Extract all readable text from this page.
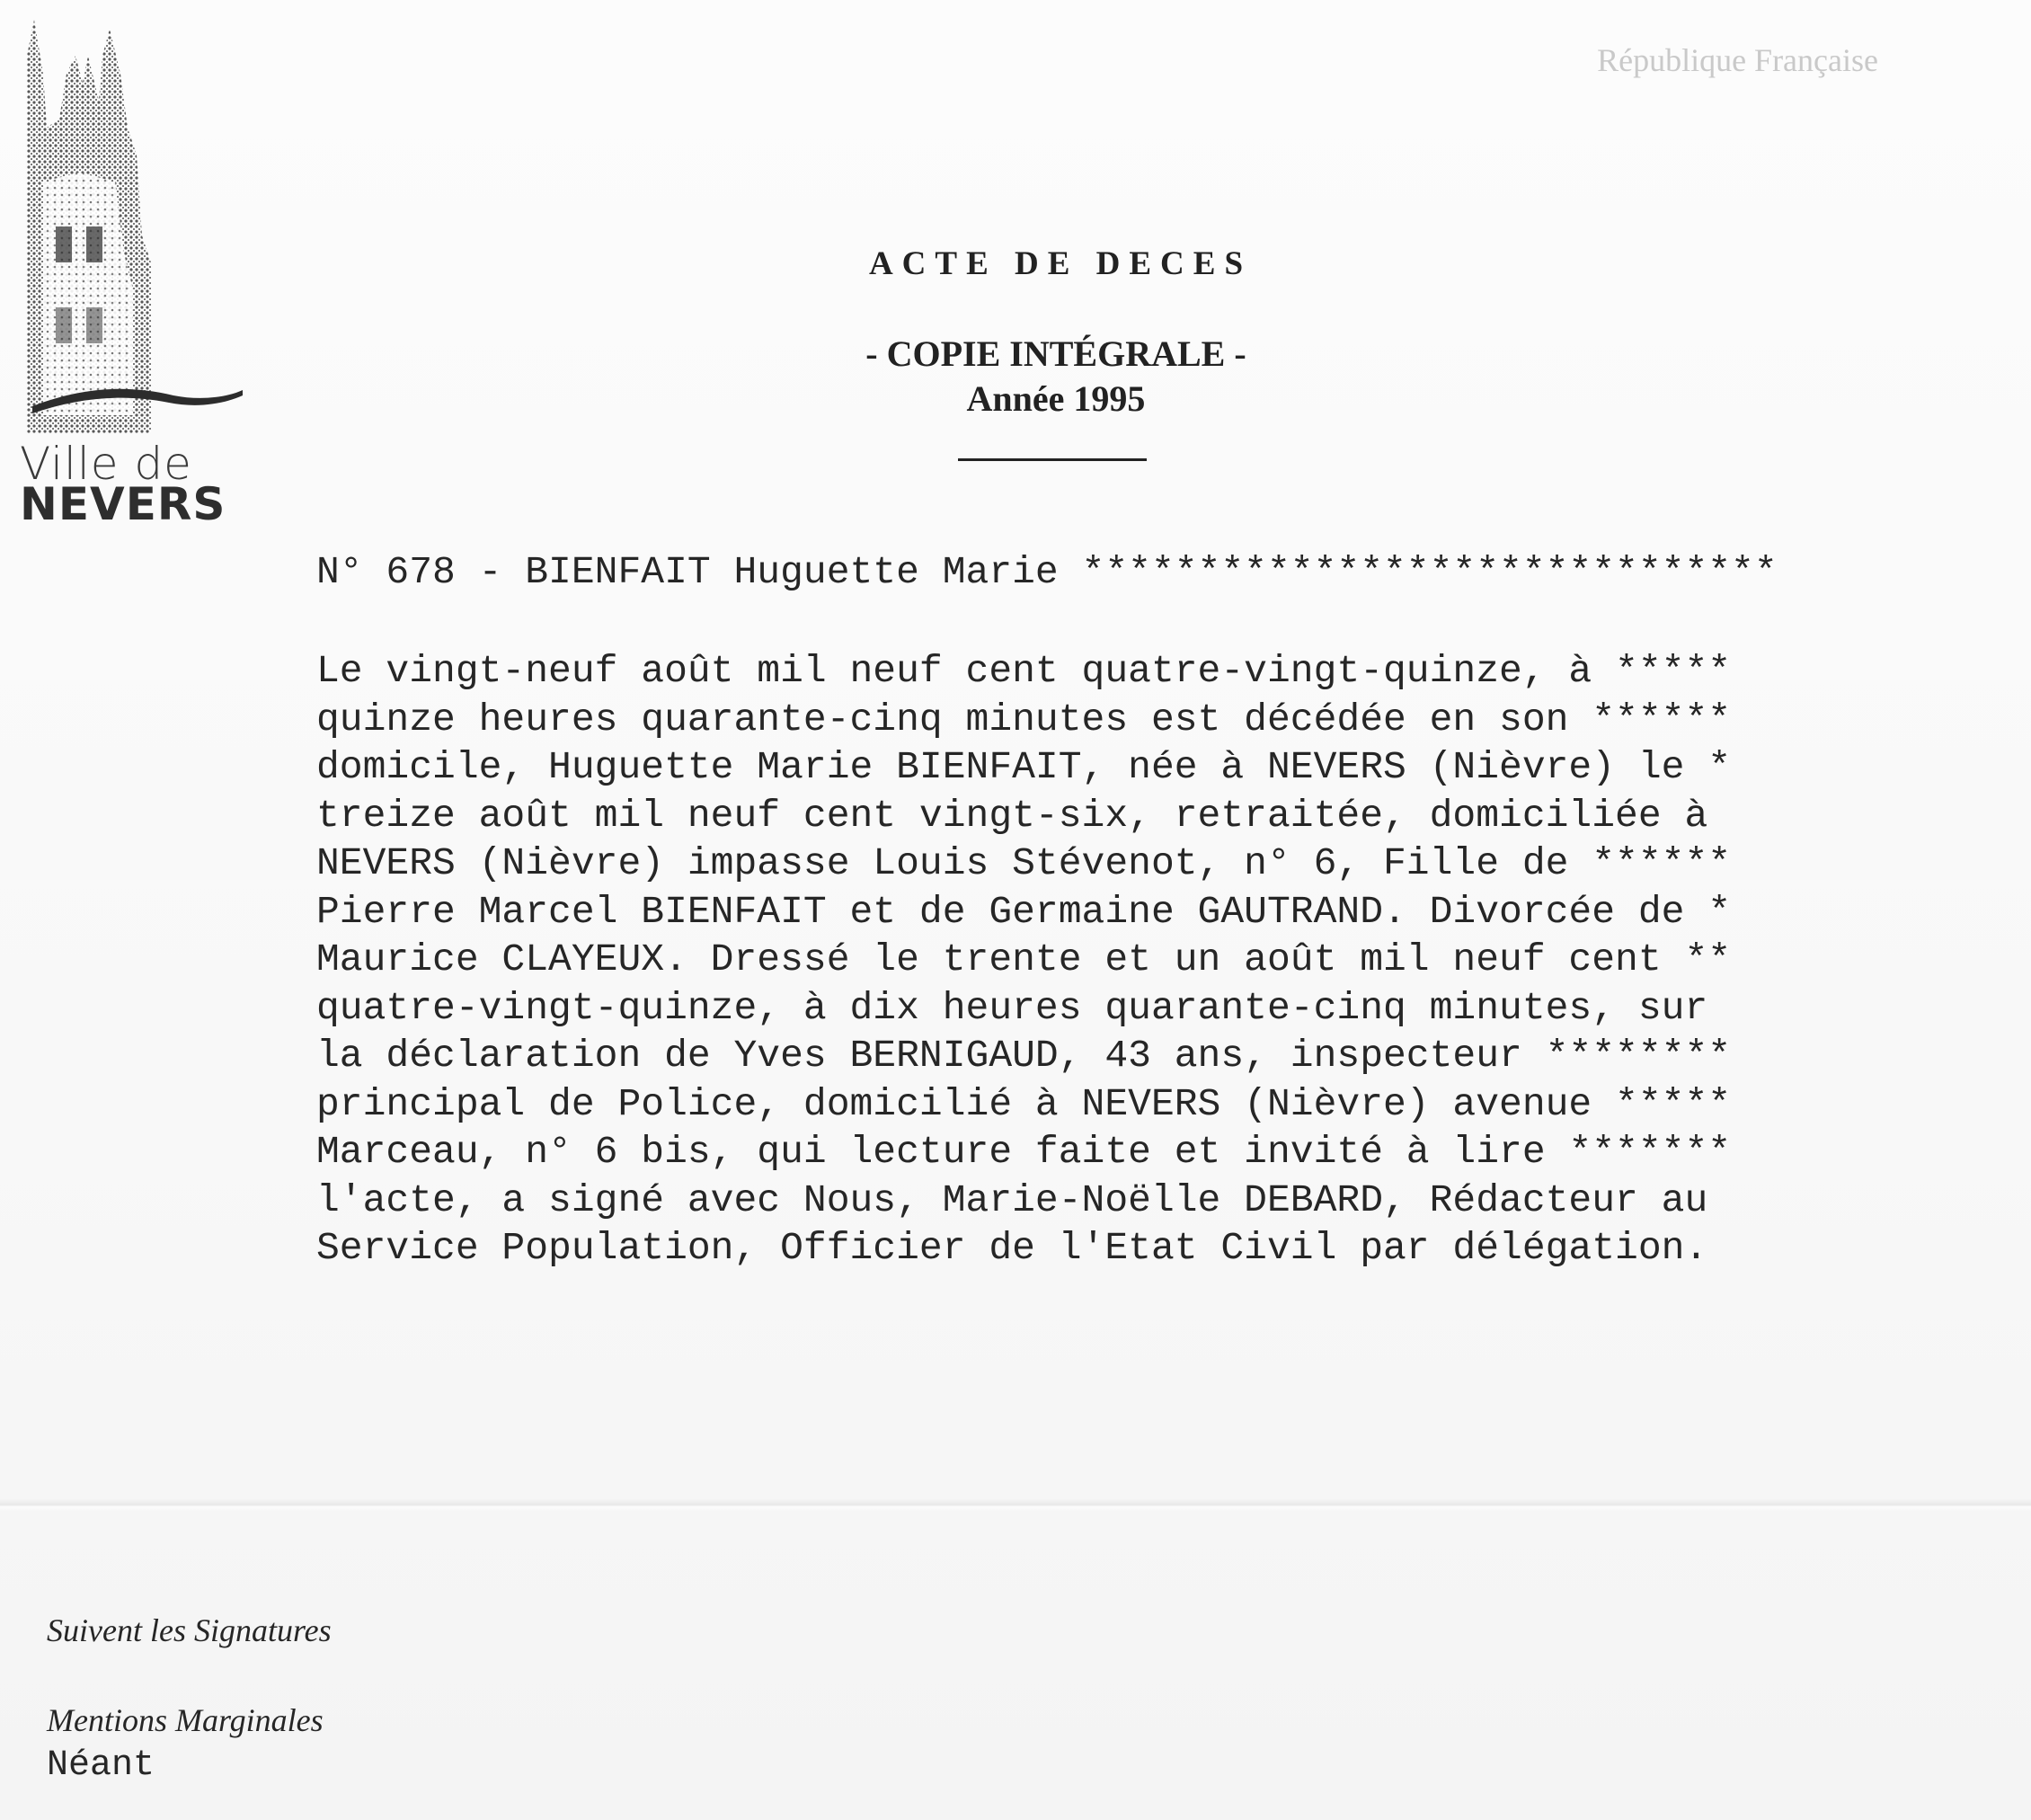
Ville de
NEVERS
République Française
ACTE DE DECES
- COPIE INTÉGRALE -
Année 1995
N° 678 - BIENFAIT Huguette Marie ******************************
Le vingt-neuf août mil neuf cent quatre-vingt-quinze, à *****
quinze heures quarante-cinq minutes est décédée en son ******
domicile, Huguette Marie BIENFAIT, née à NEVERS (Nièvre) le *
treize août mil neuf cent vingt-six, retraitée, domiciliée à
NEVERS (Nièvre) impasse Louis Stévenot, n° 6, Fille de ******
Pierre Marcel BIENFAIT et de Germaine GAUTRAND. Divorcée de *
Maurice CLAYEUX. Dressé le trente et un août mil neuf cent **
quatre-vingt-quinze, à dix heures quarante-cinq minutes, sur
la déclaration de Yves BERNIGAUD, 43 ans, inspecteur ********
principal de Police, domicilié à NEVERS (Nièvre) avenue *****
Marceau, n° 6 bis, qui lecture faite et invité à lire *******
l'acte, a signé avec Nous, Marie-Noëlle DEBARD, Rédacteur au
Service Population, Officier de l'Etat Civil par délégation.
Suivent les Signatures
Mentions Marginales
Néant
